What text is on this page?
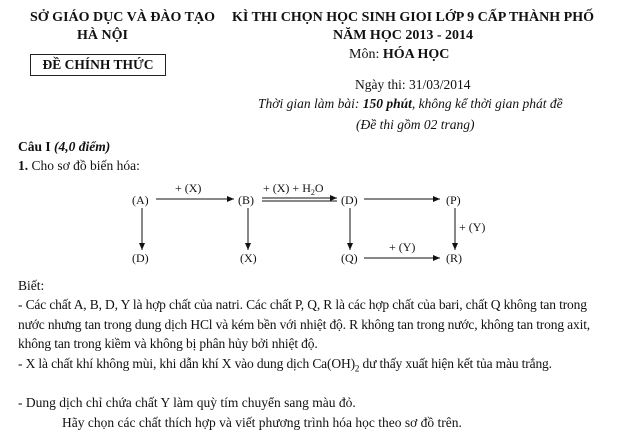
SỞ GIÁO DỤC VÀ ĐÀO TẠO
HÀ NỘI
ĐỀ CHÍNH THỨC
KÌ THI CHỌN HỌC SINH GIOI LỚP 9 CẤP THÀNH PHỐ
NĂM HỌC 2013 - 2014
Môn: HÓA HỌC
Ngày thi: 31/03/2014
Thời gian làm bài: 150 phút, không kể thời gian phát đề
(Đề thi gồm 02 trang)
Câu I (4,0 điểm)
1. Cho sơ đồ biến hóa:
(A)	(B)	(D)	(P)
(D)	(X)	(Q)	(R)
+ (X)	+ $(X) + H_2O$
+ (Y)
+ (Y)
Biết:
- Các chất A, B, D, Y là hợp chất của natri. Các chất P, Q, R là các hợp chất của bari, chất Q không tan trong nước nhưng tan trong dung dịch HCl và kém bền với nhiệt độ. R không tan trong nước, không tan trong axit, không tan trong kiềm và không bị phân hủy bởi nhiệt độ.
- X là chất khí không mùi, khi dẫn khí X vào dung dịch $Ca(OH)_2$ dư thấy xuất hiện kết tủa màu trắng.
- Dung dịch chỉ chứa chất Y làm quỳ tím chuyển sang màu đỏ.
Hãy chọn các chất thích hợp và viết phương trình hóa học theo sơ đồ trên.
